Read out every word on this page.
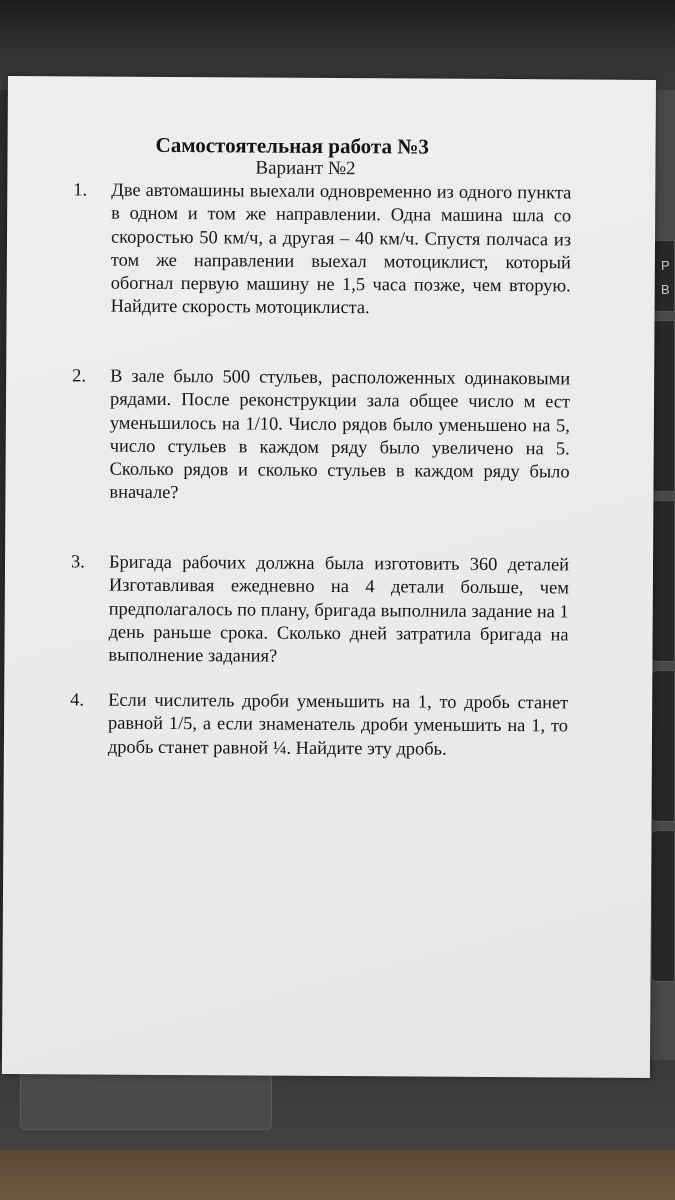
Р
В
Самостоятельная работа №3
Вариант №2
1.	Две автомашины выехали одновременно из одного пункта в одном и том же направлении. Одна машина шла со скоростью 50 км/ч, а другая – 40 км/ч. Спустя полчаса из том же направлении выехал мотоциклист, который обогнал первую машину не 1,5 часа позже, чем вторую. Найдите скорость мотоциклиста.
2.	В зале было 500 стульев, расположенных одинаковыми рядами. После реконструкции зала общее число м ест уменьшилось на 1/10. Число рядов было уменьшено на 5, число стульев в каждом ряду было увеличено на 5. Сколько рядов и сколько стульев в каждом ряду было вначале?
3.	Бригада рабочих должна была изготовить 360 деталей Изготавливая ежедневно на 4 детали больше, чем предполагалось по плану, бригада выполнила задание на 1 день раньше срока. Сколько дней затратила бригада на выполнение задания?
4.	Если числитель дроби уменьшить на 1, то дробь станет равной 1/5, а если знаменатель дроби уменьшить на 1, то дробь станет равной ¼. Найдите эту дробь.
